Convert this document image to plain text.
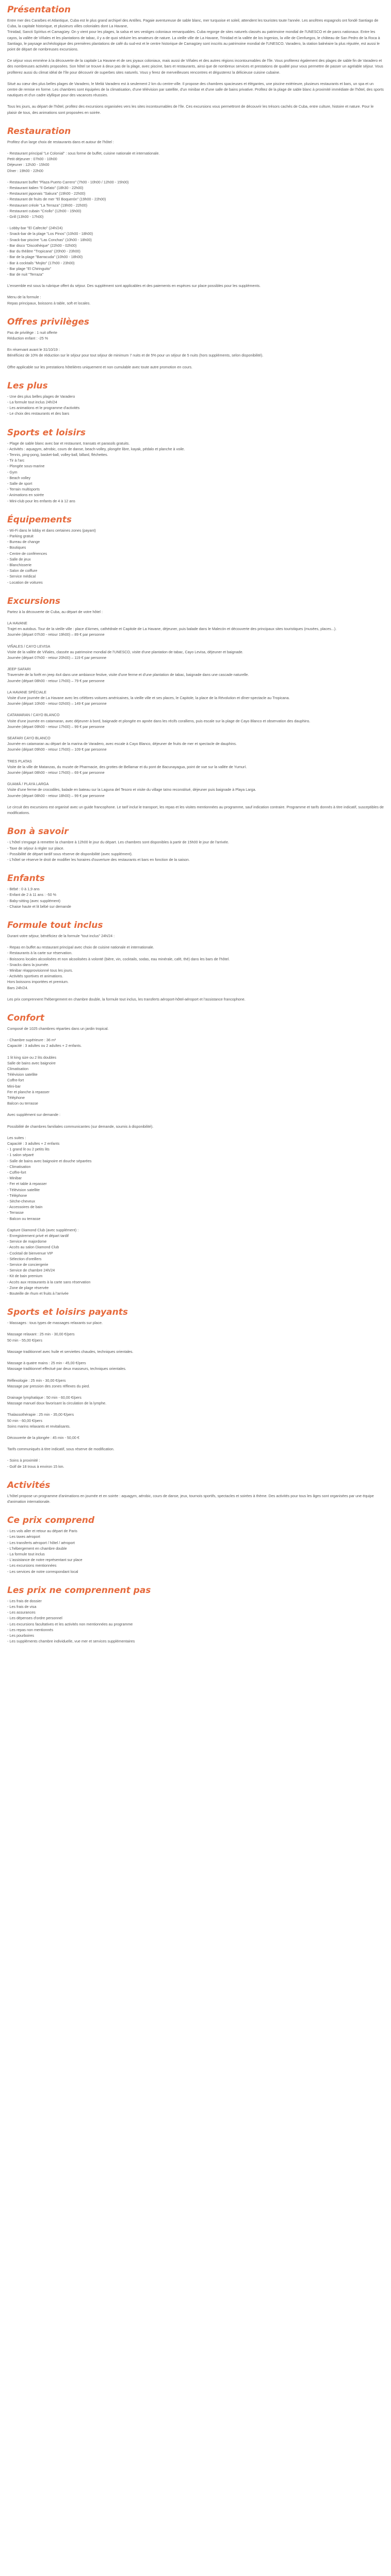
Présentation
Entre mer des Caraïbes et Atlantique, Cuba est le plus grand archipel des Antilles. Pagaie aventureuse de sable blanc, mer turquoise et soleil, attendent les touristes toute l'année. Les ancêtres espagnols ont fondé Santiago de Cuba, la capitale historique, et plusieurs villes coloniales dont La Havane,
Trinidad, Sancti Spíritus et Camagüey. On y vient pour les plages, la salsa et ses vestiges coloniaux remarquables. Cuba regorge de sites naturels classés au patrimoine mondial de l'UNESCO et de parcs nationaux. Entre les cayos, la vallée de Viñales et les plantations de tabac, il y a de quoi séduire les amateurs de nature. La vieille ville de La Havane, Trinidad et la vallée de los Ingenios, la ville de Cienfuegos, le château de San Pedro de la Roca à Santiago, le paysage archéologique des premières plantations de café du sud-est et le centre historique de Camagüey sont inscrits au patrimoine mondial de l'UNESCO. Varadero, la station balnéaire la plus réputée, est aussi le point de départ de nombreuses excursions.
Ce séjour vous emmène à la découverte de la capitale La Havane et de ses joyaux coloniaux, mais aussi de Viñales et des autres régions incontournables de l'île. Vous profiterez également des plages de sable fin de Varadero et des nombreuses activités proposées. Son hôtel se trouve à deux pas de la plage, avec piscine, bars et restaurants, ainsi que de nombreux services et prestations de qualité pour vous permettre de passer un agréable séjour. Vous profiterez aussi du climat idéal de l'île pour découvrir de superbes sites naturels. Vous y ferez de merveilleuses rencontres et dégusterez la délicieuse cuisine cubaine.
Situé au cœur des plus belles plages de Varadero, le Meliá Varadero est à seulement 2 km du centre-ville. Il propose des chambres spacieuses et élégantes, une piscine extérieure, plusieurs restaurants et bars, un spa et un centre de remise en forme. Les chambres sont équipées de la climatisation, d'une télévision par satellite, d'un minibar et d'une salle de bains privative. Profitez de la plage de sable blanc à proximité immédiate de l'hôtel, des sports nautiques et d'un cadre idyllique pour des vacances réussies.
Tous les jours, au départ de l'hôtel, profitez des excursions organisées vers les sites incontournables de l'île. Ces excursions vous permettront de découvrir les trésors cachés de Cuba, entre culture, histoire et nature. Pour le plaisir de tous, des animations sont proposées en soirée.
Restauration
Profitez d'un large choix de restaurants dans et autour de l'hôtel :
- Restaurant principal "Le Colonial" : sous forme de buffet, cuisine nationale et internationale.
Petit déjeuner : 07h00 - 10h00
Déjeuner : 12h30 - 15h00
Dîner : 19h00 - 22h00
- Restaurant buffet "Plaza Puerto Carrero" (7h00 - 10h00 / 12h00 - 15h00)
- Restaurant italien "Il Gelato" (18h30 - 22h00)
- Restaurant japonais "Sakura" (19h00 - 22h00)
- Restaurant de fruits de mer "El Boquerón" (19h00 - 22h00)
- Restaurant créole "La Terraza" (19h00 - 22h00)
- Restaurant cubain "Criollo" (12h00 - 15h00)
- Grill (13h00 - 17h00)
- Lobby-bar "El Cafecito" (24h/24)
- Snack-bar de la plage "Los Pinos" (10h00 - 18h00)
- Snack-bar piscine "Las Conchas" (10h00 - 18h00)
- Bar disco "Discothèque" (22h00 - 02h00)
- Bar du théâtre "Tropicana" (20h00 - 23h00)
- Bar de la plage "Barracuda" (10h00 - 18h00)
- Bar à cocktails "Mojito" (17h00 - 23h00)
- Bar plage "El Chiringuito"
- Bar de nuit "Terraza"
L'ensemble est sous la rubrique offert du séjour. Des supplément sont applicables et des paiements en espèces sur place possibles pour les suppléments.
Menu de la formule :
Repas principaux, boissons à table, soft et locales.
Offres privilèges
Pas de privilège : 1 nuit offerte
Réduction enfant : -25 %
En réservant avant le 31/10/19 :
Bénéficiez de 10% de réduction sur le séjour pour tout séjour de minimum 7 nuits et de 5% pour un séjour de 5 nuits (hors suppléments, selon disponibilité).
Offre applicable sur les prestations hôtelières uniquement et non cumulable avec toute autre promotion en cours.
Les plus
- Une des plus belles plages de Varadero
- La formule tout inclus 24h/24
- Les animations et le programme d'activités
- Le choix des restaurants et des bars
Sports et loisirs
- Plage de sable blanc avec bar et restaurant, transats et parasols gratuits.
- Activités : aquagym, aérobic, cours de danse, beach-volley, plongée libre, kayak, pédalo et planche à voile.
- Tennis, ping-pong, basket-ball, volley-ball, billard, fléchettes.
- Tir à l'arc
- Plongée sous-marine
- Gym
- Beach volley
- Salle de sport
- Terrain multisports
- Animations en soirée
- Mini-club pour les enfants de 4 à 12 ans
Équipements
- Wi-Fi dans le lobby et dans certaines zones (payant)
- Parking gratuit
- Bureau de change
- Boutiques
- Centre de conférences
- Salle de jeux
- Blanchisserie
- Salon de coiffure
- Service médical
- Location de voitures
Excursions
Partez à la découverte de Cuba, au départ de votre hôtel :
LA HAVANE
Trajet en autobus. Tour de la vieille ville : place d'Armes, cathédrale et Capitole de La Havane, déjeuner, puis balade dans le Malecón et découverte des principaux sites touristiques (musées, places...).
Journée (départ 07h30 - retour 19h00) – 89 € par personne
VIÑALES / CAYO LEVISA
Visite de la vallée de Viñales, classée au patrimoine mondial de l'UNESCO, visite d'une plantation de tabac, Cayo Levisa, déjeuner et baignade.
Journée (départ 07h00 - retour 20h00) – 119 € par personne
JEEP SAFARI
Traversée de la forêt en jeep 4x4 dans une ambiance festive, visite d'une ferme et d'une plantation de tabac, baignade dans une cascade naturelle.
Journée (départ 08h00 - retour 17h00) – 79 € par personne
LA HAVANE SPÉCIALE
Visite d'une journée de La Havane avec les célèbres voitures américaines, la vieille ville et ses places, le Capitole, la place de la Révolution et dîner-spectacle au Tropicana.
Journée (départ 10h00 - retour 02h00) – 149 € par personne
CATAMARAN / CAYO BLANCO
Visite d'une journée en catamaran, avec déjeuner à bord, baignade et plongée en apnée dans les récifs coralliens, puis escale sur la plage de Cayo Blanco et observation des dauphins.
Journée (départ 09h00 - retour 17h00) – 99 € par personne
SEAFARI CAYO BLANCO
Journée en catamaran au départ de la marina de Varadero, avec escale à Cayo Blanco, déjeuner de fruits de mer et spectacle de dauphins.
Journée (départ 09h00 - retour 17h00) – 109 € par personne
TRES PLATAS
Visite de la ville de Matanzas, du musée de Pharmacie, des grottes de Bellamar et du pont de Bacunayagua, point de vue sur la vallée de Yumurí.
Journée (départ 08h00 - retour 17h00) – 69 € par personne
GUAMÁ / PLAYA LARGA
Visite d'une ferme de crocodiles, balade en bateau sur la Laguna del Tesoro et visite du village taïno reconstitué, déjeuner puis baignade à Playa Larga.
Journée (départ 08h00 - retour 18h00) – 99 € par personne
Le circuit des excursions est organisé avec un guide francophone. Le tarif inclut le transport, les repas et les visites mentionnées au programme, sauf indication contraire. Programme et tarifs donnés à titre indicatif, susceptibles de modifications.
Bon à savoir
- L'hôtel s'engage à remettre la chambre à 12h00 le jour du départ. Les chambres sont disponibles à partir de 15h00 le jour de l'arrivée.
- Taxe de séjour à régler sur place.
- Possibilité de départ tardif sous réserve de disponibilité (avec supplément).
- L'hôtel se réserve le droit de modifier les horaires d'ouverture des restaurants et bars en fonction de la saison.
Enfants
- Bébé : 0 à 1,9 ans
- Enfant de 2 à 11 ans : -50 %
- Baby-sitting (avec supplément)
- Chaise haute et lit bébé sur demande
Formule tout inclus
Durant votre séjour, bénéficiez de la formule "tout inclus" 24h/24 :
- Repas en buffet au restaurant principal avec choix de cuisine nationale et internationale.
- Restaurants à la carte sur réservation.
- Boissons locales alcoolisées et non alcoolisées à volonté (bière, vin, cocktails, sodas, eau minérale, café, thé) dans les bars de l'hôtel.
- Snacks dans la journée.
- Minibar réapprovisionné tous les jours.
- Activités sportives et animations.
Hors boissons importées et premium.
Bars 24h/24.
Les prix comprennent l'hébergement en chambre double, la formule tout inclus, les transferts aéroport-hôtel-aéroport et l'assistance francophone.
Confort
Composé de 1025 chambres réparties dans un jardin tropical.
- Chambre supérieure : 36 m²
Capacité : 3 adultes ou 2 adultes + 2 enfants.
1 lit king size ou 2 lits doubles
Salle de bains avec baignoire
Climatisation
Télévision satellite
Coffre-fort
Mini-bar
Fer et planche à repasser
Téléphone
Balcon ou terrasse
Avec supplément sur demande :
Possibilité de chambres familiales communicantes (sur demande, soumis à disponibilité).
Les suites :
Capacité : 3 adultes + 2 enfants
- 1 grand lit ou 2 petits lits
- 1 salon séparé
- Salle de bains avec baignoire et douche séparées
- Climatisation
- Coffre-fort
- Minibar
- Fer et table à repasser
- Télévision satellite
- Téléphone
- Sèche-cheveux
- Accessoires de bain
- Terrasse
- Balcon ou terrasse
Capture Diamond Club (avec supplément) :
- Enregistrement privé et départ tardif
- Service de majordome
- Accès au salon Diamond Club
- Cocktail de bienvenue VIP
- Sélection d'oreillers
- Service de conciergerie
- Service de chambre 24h/24
- Kit de bain premium
- Accès aux restaurants à la carte sans réservation
- Zone de plage réservée
- Bouteille de rhum et fruits à l'arrivée
Sports et loisirs payants
- Massages : tous types de massages relaxants sur place.
Massage relaxant : 25 min - 30,00 €/pers
50 min - 55,00 €/pers
Massage traditionnel avec huile et serviettes chaudes, techniques orientales.
Massage à quatre mains : 25 min - 45,00 €/pers
Massage traditionnel effectué par deux masseurs, techniques orientales.
Réflexologie : 25 min - 30,00 €/pers
Massage par pression des zones réflexes du pied.
Drainage lymphatique : 50 min - 60,00 €/pers
Massage manuel doux favorisant la circulation de la lymphe.
Thalassothérapie : 25 min - 35,00 €/pers
50 min - 60,00 €/pers
Soins marins relaxants et revitalisants.
Découverte de la plongée : 45 min - 50,00 €
Tarifs communiqués à titre indicatif, sous réserve de modification.
- Soins à proximité :
- Golf de 18 trous à environ 15 km.
Activités
L'hôtel propose un programme d'animations en journée et en soirée : aquagym, aérobic, cours de danse, jeux, tournois sportifs, spectacles et soirées à thème. Des activités pour tous les âges sont organisées par une équipe d'animation internationale.
Ce prix comprend
- Les vols aller et retour au départ de Paris
- Les taxes aéroport
- Les transferts aéroport / hôtel / aéroport
- L'hébergement en chambre double
- La formule tout inclus
- L'assistance de notre représentant sur place
- Les excursions mentionnées
- Les services de notre correspondant local
Les prix ne comprennent pas
- Les frais de dossier
- Les frais de visa
- Les assurances
- Les dépenses d'ordre personnel
- Les excursions facultatives et les activités non mentionnées au programme
- Les repas non mentionnés
- Les pourboires
- Les suppléments chambre individuelle, vue mer et services supplémentaires
